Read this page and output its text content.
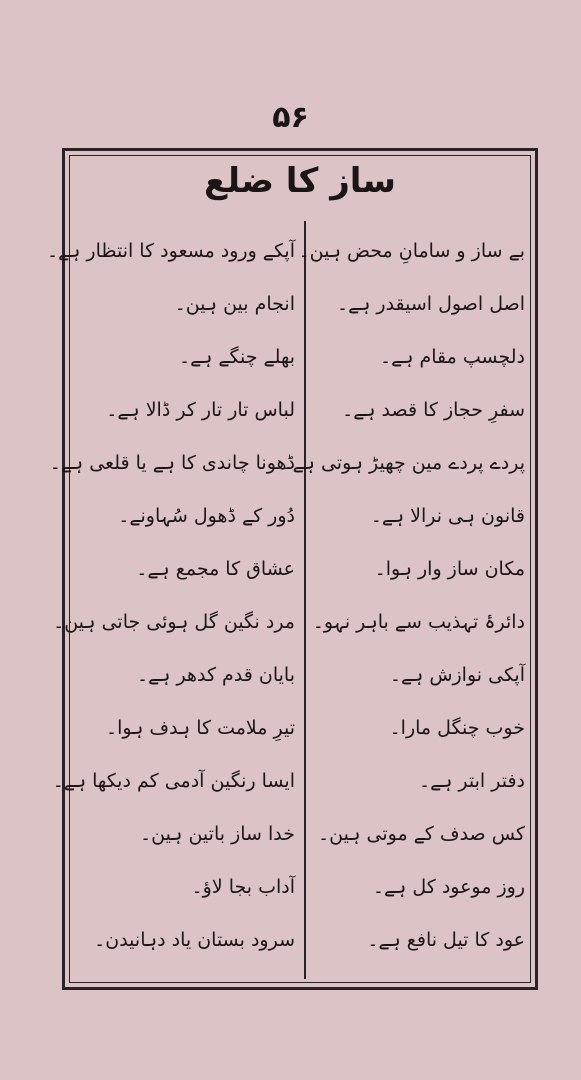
۵۶
ساز کا ضلع
بے ساز و سامانِ محض ہین۔
اصل اصول اسیقدر ہے۔
دلچسپ مقام ہے۔
سفرِ حجاز کا قصد ہے۔
پردے پردے مین چھیڑ ہوتی ہے۔
قانون ہی نرالا ہے۔
مکان ساز وار ہوا۔
دائرۂ تہذیب سے باہر نہو۔
آپکی نوازش ہے۔
خوب چنگل مارا۔
دفتر ابتر ہے۔
کس صدف کے موتی ہین۔
روز موعود کل ہے۔
عود کا تیل نافع ہے۔
آپکے ورود مسعود کا انتظار ہے۔
انجام بین ہین۔
بھلے چنگے ہے۔
لباس تار تار کر ڈالا ہے۔
ڈھونا چاندی کا ہے یا قلعی ہے۔
دُور کے ڈھول سُہاونے۔
عشاق کا مجمع ہے۔
مرد نگین گل ہوئی جاتی ہین۔
بایان قدم کدھر ہے۔
تیرِ ملامت کا ہدف ہوا۔
ایسا رنگین آدمی کم دیکھا ہے۔
خدا ساز باتین ہین۔
آداب بجا لاؤ۔
سرود بستان یاد دہانیدن۔
